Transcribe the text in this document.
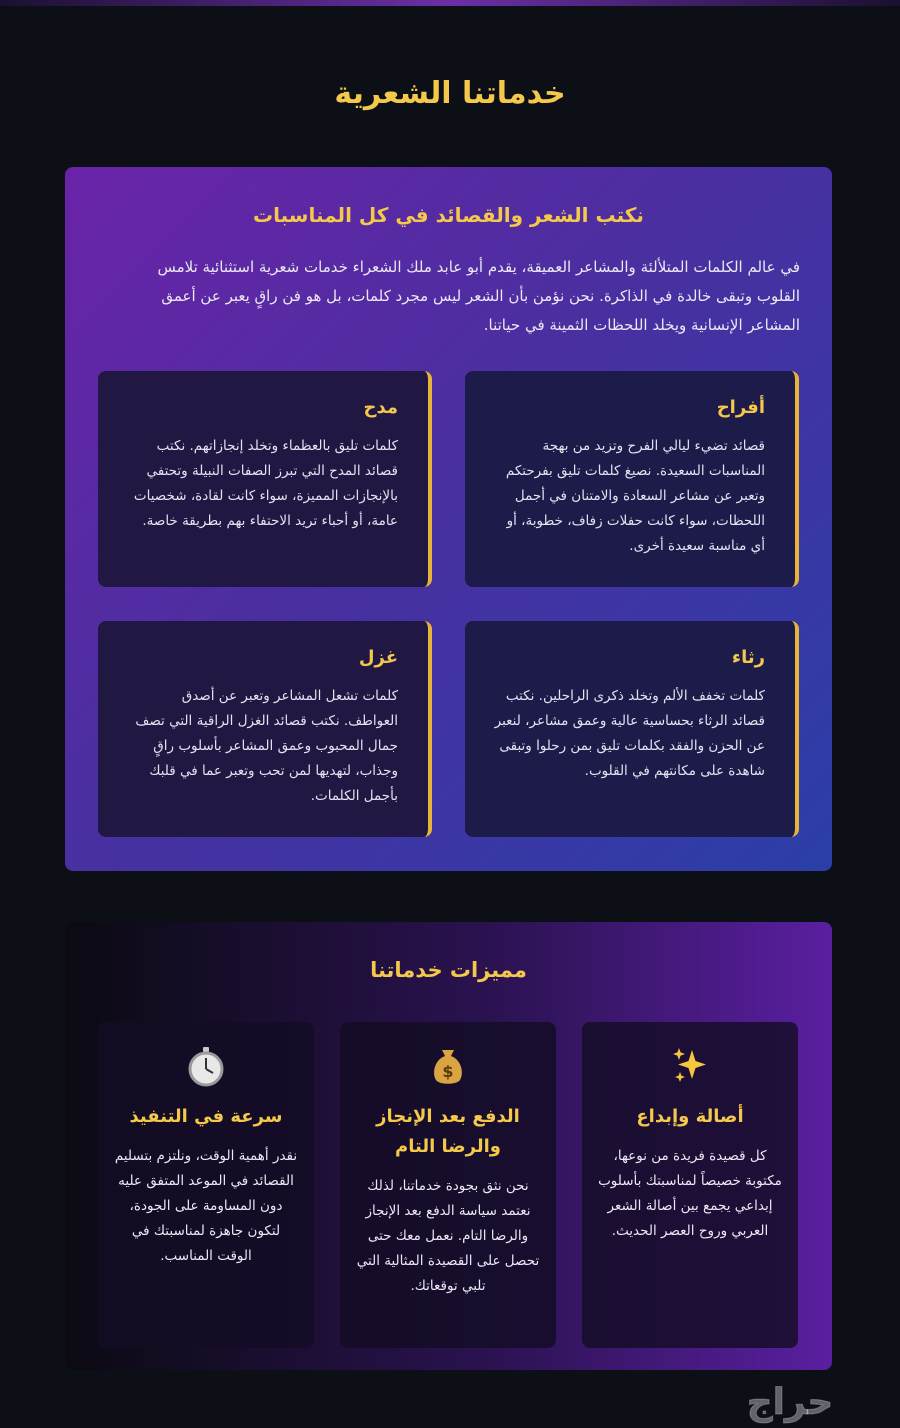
خدماتنا الشعرية
نكتب الشعر والقصائد في كل المناسبات

في عالم الكلمات المتلألئة والمشاعر العميقة، يقدم أبو عابد ملك الشعراء خدمات شعرية استثنائية تلامس القلوب وتبقى خالدة في الذاكرة. نحن نؤمن بأن الشعر ليس مجرد كلمات، بل هو فن راقٍ يعبر عن أعمق المشاعر الإنسانية ويخلد اللحظات الثمينة في حياتنا.

أفراح

قصائد تضيء ليالي الفرح وتزيد من بهجة المناسبات السعيدة. نصيغ كلمات تليق بفرحتكم وتعبر عن مشاعر السعادة والامتنان في أجمل اللحظات، سواء كانت حفلات زفاف، خطوبة، أو أي مناسبة سعيدة أخرى.

مدح

كلمات تليق بالعظماء وتخلد إنجازاتهم. نكتب قصائد المدح التي تبرز الصفات النبيلة وتحتفي بالإنجازات المميزة، سواء كانت لقادة، شخصيات عامة، أو أحباء تريد الاحتفاء بهم بطريقة خاصة.

رثاء

كلمات تخفف الألم وتخلد ذكرى الراحلين. نكتب قصائد الرثاء بحساسية عالية وعمق مشاعر، لنعبر عن الحزن والفقد بكلمات تليق بمن رحلوا وتبقى شاهدة على مكانتهم في القلوب.

غزل

كلمات تشعل المشاعر وتعبر عن أصدق العواطف. نكتب قصائد الغزل الراقية التي تصف جمال المحبوب وعمق المشاعر بأسلوب راقٍ وجذاب، لتهديها لمن تحب وتعبر عما في قلبك بأجمل الكلمات.

مميزات خدماتنا
أصالة وإبداع

كل قصيدة فريدة من نوعها، مكتوبة خصيصاً لمناسبتك بأسلوب إبداعي يجمع بين أصالة الشعر العربي وروح العصر الحديث.

$
الدفع بعد الإنجاز والرضا التام

نحن نثق بجودة خدماتنا، لذلك نعتمد سياسة الدفع بعد الإنجاز والرضا التام. نعمل معك حتى تحصل على القصيدة المثالية التي تلبي توقعاتك.

سرعة في التنفيذ

نقدر أهمية الوقت، ونلتزم بتسليم القصائد في الموعد المتفق عليه دون المساومة على الجودة، لتكون جاهزة لمناسبتك في الوقت المناسب.

حراج
